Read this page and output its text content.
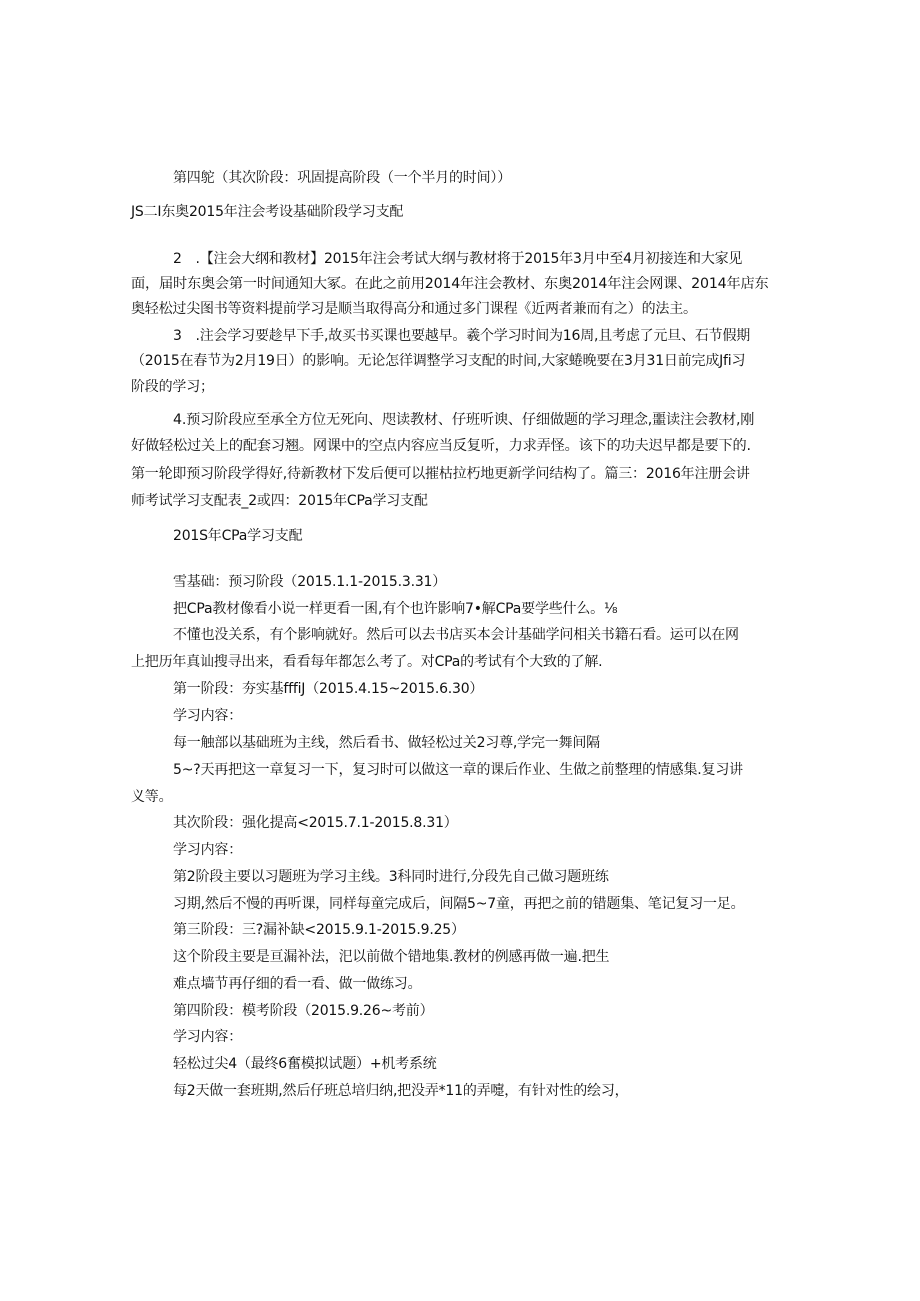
第四鸵（其次阶段：巩固提高阶段（一个半月的时间））
JS二I东奥2015年注会考设基础阶段学习支配
2　.【注会大纲和教材】2015年注会考试大纲与教材将于2015年3月中至4月初接连和大家见
面，届时东奥会第一时间通知大冢。在此之前用2014年注会教材、东奥2014年注会网课、2014年店东
奥轻松过尖图书等资料提前学习是顺当取得高分和通过多门课程《近两者兼而有之）的法主。
3　.注会学习要趁早下手,故买书买课也要越早。羲个学习时间为16周,且考虑了元旦、石节假期
（2015在春节为2月19日）的影响。无论怎徉调整学习支配的时间,大家蜷晚要在3月31日前完成Jfi习
阶段的学习；
4.预习阶段应至承全方位无死向、咫读教材、仔班听谀、仔细做题的学习理念,噩读注会教材,刚
好做轻松过关上的配套习翘。网课中的空点内容应当反复听，力求弄怪。该下的功夫迟早都是要下的.
第一轮即预习阶段学得好,待新教材下发后便可以摧枯拉朽地更新学问结构了。篇三：2016年注册会讲
师考试学习支配表_2或四：2015年CPa学习支配
201S年CPa学习支配
雪基础：预习阶段（2015.1.1-2015.3.31）
把CPa教材像看小说一样更看一囷,有个也许影响7•解CPa要学些什么。⅛
不懂也没关系，有个影响就好。然后可以去书店买本会计基础学问相关书籍石看。运可以在网
上把历年真讪搜寻出来，看看每年都怎么考了。对CPa的考试有个大致的了解.
第一阶段：夯实基fffiJ（2015.4.15~2015.6.30）
学习内容：
每一触部以基础班为主线，然后看书、做轻松过关2习尊,学完一舞间隔
5~?天再把这一章复习一下，复习时可以做这一章的课后作业、生做之前整理的情感集.复习讲
义等。
其次阶段：强化提高<2015.7.1-2015.8.31）
学习内容：
第2阶段主要以习题班为学习主线。3科同时进行,分段先自己做习题班练
习期,然后不慢的再听课，同样每童完成后，间隔5~7童，再把之前的错题集、笔记复习一足。
第三阶段：三?漏补缺<2015.9.1-2015.9.25）
这个阶段主要是亘漏补法，汜以前做个错地集.教材的例感再做一遍.把生
难点墙节再仔细的看一看、做一做练习。
第四阶段：模考阶段（2015.9.26~考前）
学习内容：
轻松过尖4（最终6奮模拟试题）+机考系统
每2天做一套班期,然后仔班总培归纳,把没弄*11的弄嚏，有针对性的绘习，
